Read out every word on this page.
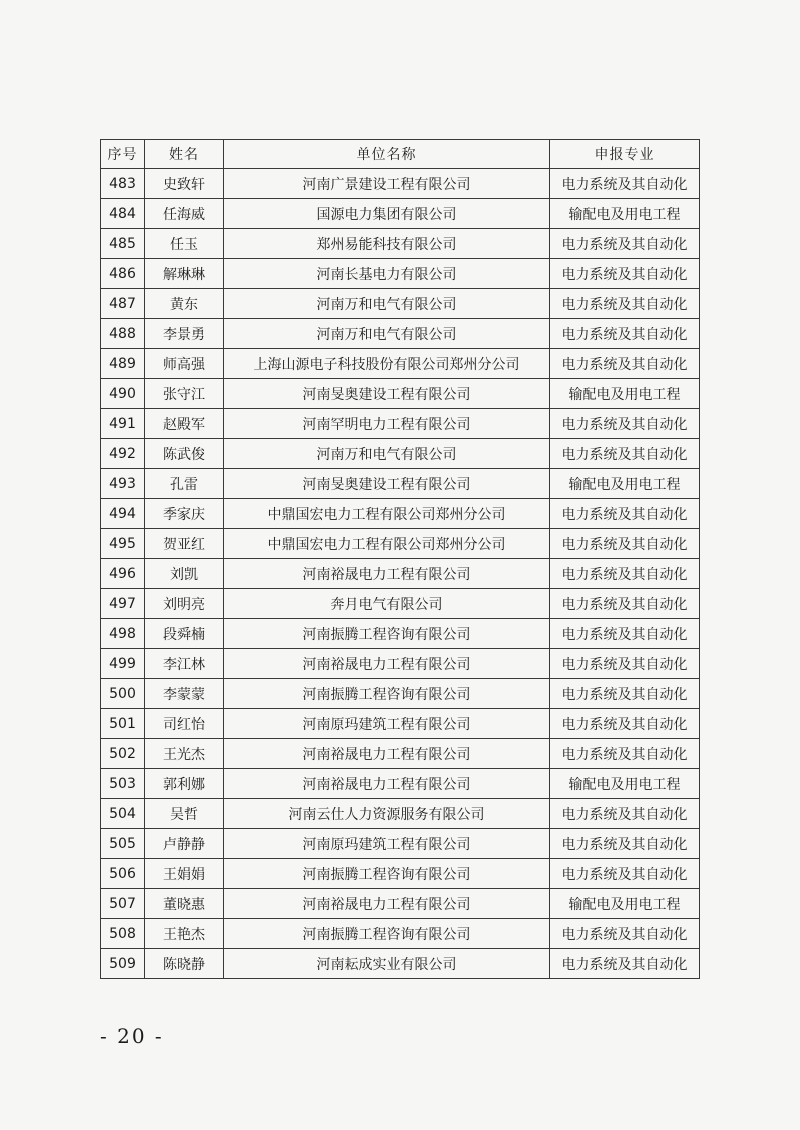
序号	姓名	单位名称	申报专业
483	史致轩	河南广景建设工程有限公司	电力系统及其自动化
484	任海威	国源电力集团有限公司	输配电及用电工程
485	任玉	郑州易能科技有限公司	电力系统及其自动化
486	解琳琳	河南长基电力有限公司	电力系统及其自动化
487	黄东	河南万和电气有限公司	电力系统及其自动化
488	李景勇	河南万和电气有限公司	电力系统及其自动化
489	师高强	上海山源电子科技股份有限公司郑州分公司	电力系统及其自动化
490	张守江	河南旻奥建设工程有限公司	输配电及用电工程
491	赵殿军	河南罕明电力工程有限公司	电力系统及其自动化
492	陈武俊	河南万和电气有限公司	电力系统及其自动化
493	孔雷	河南旻奥建设工程有限公司	输配电及用电工程
494	季家庆	中鼎国宏电力工程有限公司郑州分公司	电力系统及其自动化
495	贺亚红	中鼎国宏电力工程有限公司郑州分公司	电力系统及其自动化
496	刘凯	河南裕晟电力工程有限公司	电力系统及其自动化
497	刘明亮	奔月电气有限公司	电力系统及其自动化
498	段舜楠	河南振腾工程咨询有限公司	电力系统及其自动化
499	李江林	河南裕晟电力工程有限公司	电力系统及其自动化
500	李蒙蒙	河南振腾工程咨询有限公司	电力系统及其自动化
501	司红怡	河南原玛建筑工程有限公司	电力系统及其自动化
502	王光杰	河南裕晟电力工程有限公司	电力系统及其自动化
503	郭利娜	河南裕晟电力工程有限公司	输配电及用电工程
504	吴哲	河南云仕人力资源服务有限公司	电力系统及其自动化
505	卢静静	河南原玛建筑工程有限公司	电力系统及其自动化
506	王娟娟	河南振腾工程咨询有限公司	电力系统及其自动化
507	董晓惠	河南裕晟电力工程有限公司	输配电及用电工程
508	王艳杰	河南振腾工程咨询有限公司	电力系统及其自动化
509	陈晓静	河南耘成实业有限公司	电力系统及其自动化
- 20 -
